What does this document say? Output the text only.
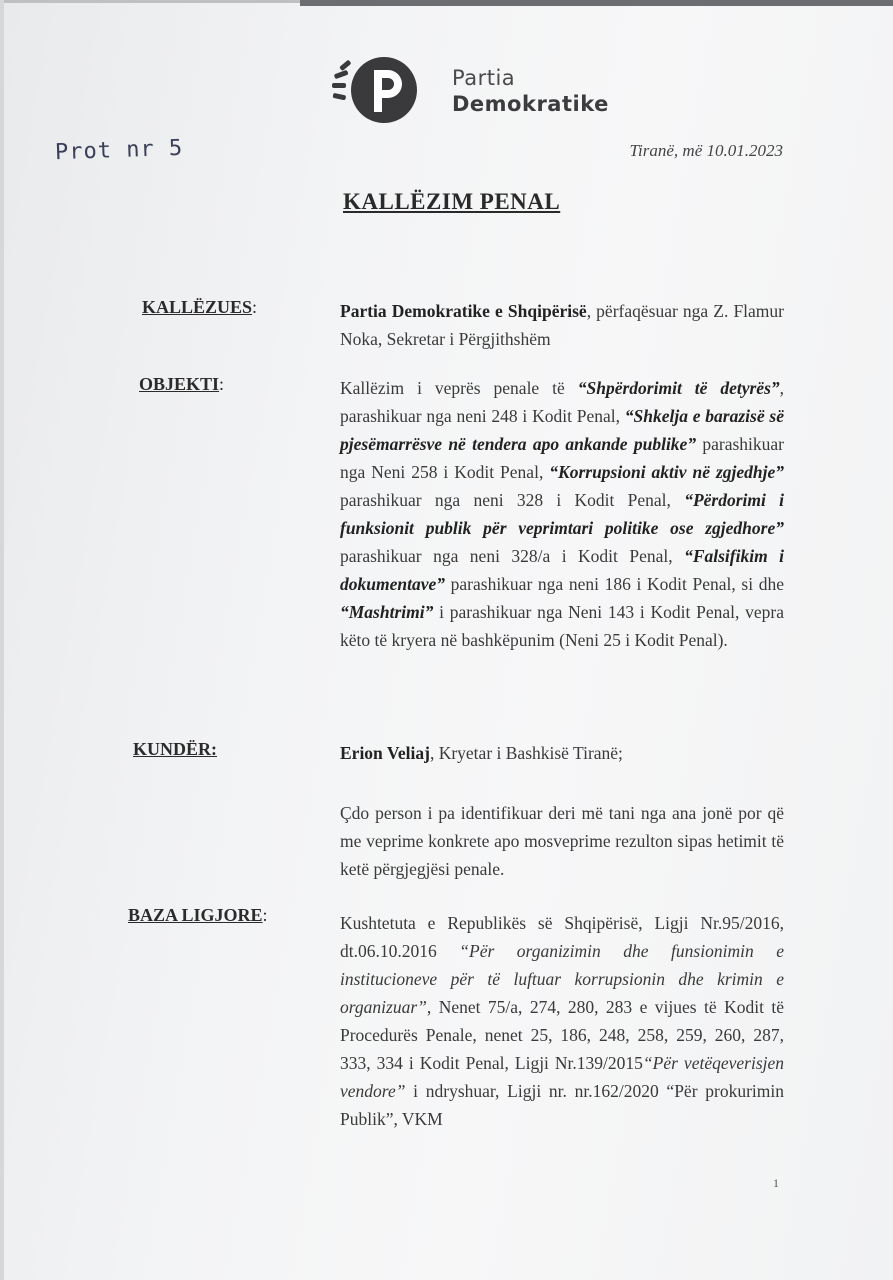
Partia
Demokratike
Prot nr 5	Tiranë, më 10.01.2023
KALLËZIM PENAL
KALLËZUES:	Partia Demokratike e Shqipërisë, përfaqësuar nga Z. Flamur Noka, Sekretar i Përgjithshëm

OBJEKTI:	Kallëzim i veprës penale të “Shpërdorimit të detyrës”, parashikuar nga neni 248 i Kodit Penal, “Shkelja e barazisë së pjesëmarrësve në tendera apo ankande publike” parashikuar nga Neni 258 i Kodit Penal, “Korrupsioni aktiv në zgjedhje” parashikuar nga neni 328 i Kodit Penal, “Përdorimi i funksionit publik për veprimtari politike ose zgjedhore” parashikuar nga neni 328/a i Kodit Penal, “Falsifikim i dokumentave” parashikuar nga neni 186 i Kodit Penal, si dhe “Mashtrimi” i parashikuar nga Neni 143 i Kodit Penal, vepra këto të kryera në bashkëpunim (Neni 25 i Kodit Penal).

KUNDËR:	Erion Veliaj, Kryetar i Bashkisë Tiranë;

Çdo person i pa identifikuar deri më tani nga ana jonë por që me veprime konkrete apo mosveprime rezulton sipas hetimit të ketë përgjegjësi penale.

BAZA LIGJORE:	Kushtetuta e Republikës së Shqipërisë, Ligji Nr.95/2016, dt.06.10.2016 “Për organizimin dhe funsionimin e institucioneve për të luftuar korrupsionin dhe krimin e organizuar”, Nenet 75/a, 274, 280, 283 e vijues të Kodit të Procedurës Penale, nenet 25, 186, 248, 258, 259, 260, 287, 333, 334 i Kodit Penal, Ligji Nr.139/2015“Për vetëqeverisjen vendore” i ndryshuar, Ligji nr. nr.162/2020 “Për prokurimin Publik”, VKM

1
